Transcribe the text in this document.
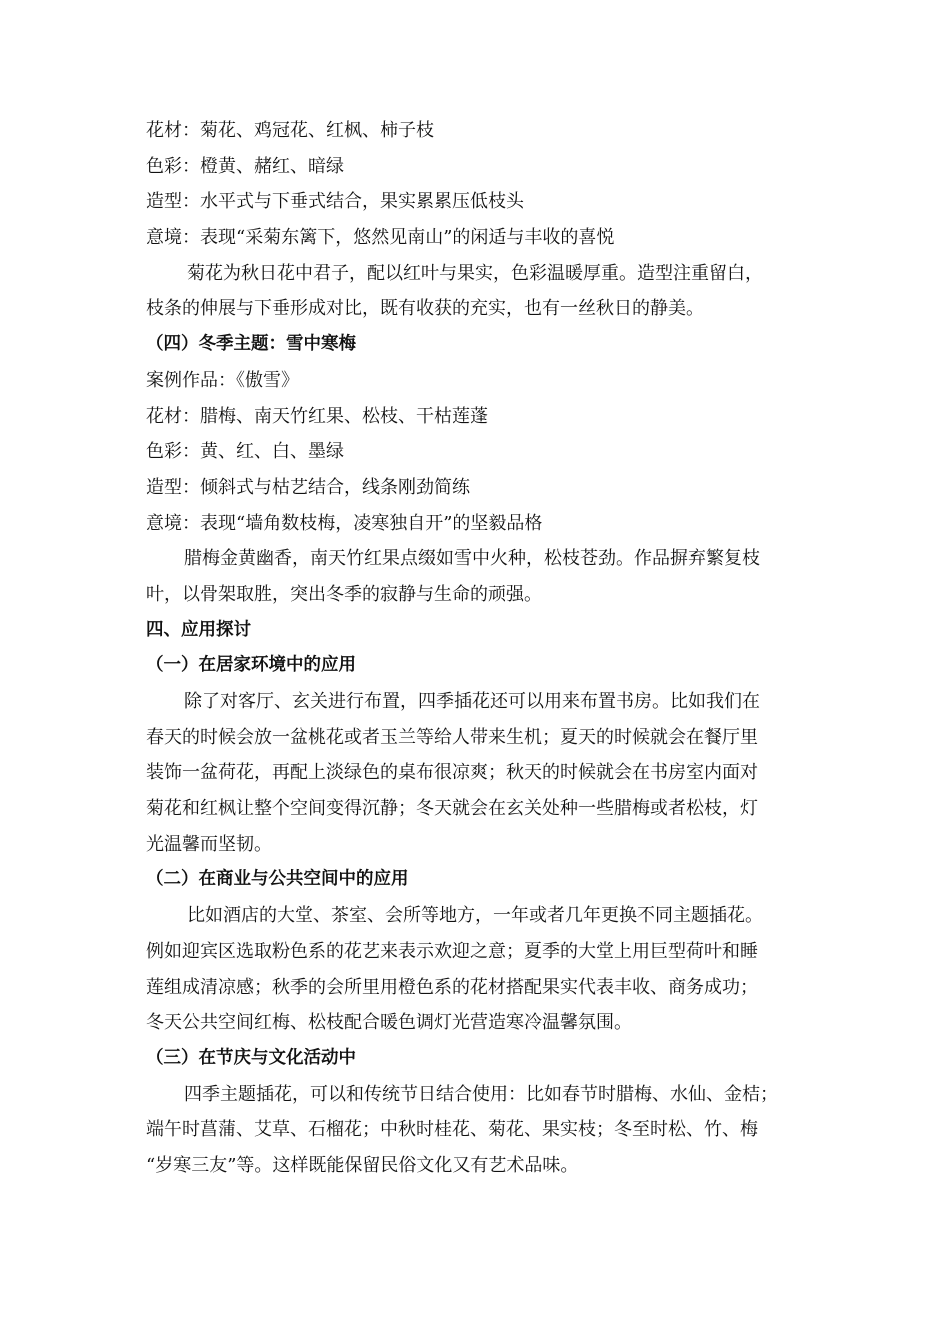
花材：菊花、鸡冠花、红枫、柿子枝

色彩：橙黄、赭红、暗绿

造型：水平式与下垂式结合，果实累累压低枝头

意境：表现“采菊东篱下，悠然见南山”的闲适与丰收的喜悦

菊花为秋日花中君子，配以红叶与果实，色彩温暖厚重。造型注重留白，

枝条的伸展与下垂形成对比，既有收获的充实，也有一丝秋日的静美。

（四）冬季主题：雪中寒梅

案例作品：《傲雪》

花材：腊梅、南天竹红果、松枝、干枯莲蓬

色彩：黄、红、白、墨绿

造型：倾斜式与枯艺结合，线条刚劲简练

意境：表现“墙角数枝梅，凌寒独自开”的坚毅品格

腊梅金黄幽香，南天竹红果点缀如雪中火种，松枝苍劲。作品摒弃繁复枝

叶，以骨架取胜，突出冬季的寂静与生命的顽强。

四、应用探讨

（一）在居家环境中的应用

除了对客厅、玄关进行布置，四季插花还可以用来布置书房。比如我们在

春天的时候会放一盆桃花或者玉兰等给人带来生机；夏天的时候就会在餐厅里

装饰一盆荷花，再配上淡绿色的桌布很凉爽；秋天的时候就会在书房室内面对

菊花和红枫让整个空间变得沉静；冬天就会在玄关处种一些腊梅或者松枝，灯

光温馨而坚韧。

（二）在商业与公共空间中的应用

比如酒店的大堂、茶室、会所等地方，一年或者几年更换不同主题插花。

例如迎宾区选取粉色系的花艺来表示欢迎之意；夏季的大堂上用巨型荷叶和睡

莲组成清凉感；秋季的会所里用橙色系的花材搭配果实代表丰收、商务成功；

冬天公共空间红梅、松枝配合暖色调灯光营造寒冷温馨氛围。

（三）在节庆与文化活动中

四季主题插花，可以和传统节日结合使用：比如春节时腊梅、水仙、金桔；

端午时菖蒲、艾草、石榴花；中秋时桂花、菊花、果实枝；冬至时松、竹、梅

“岁寒三友”等。这样既能保留民俗文化又有艺术品味。
